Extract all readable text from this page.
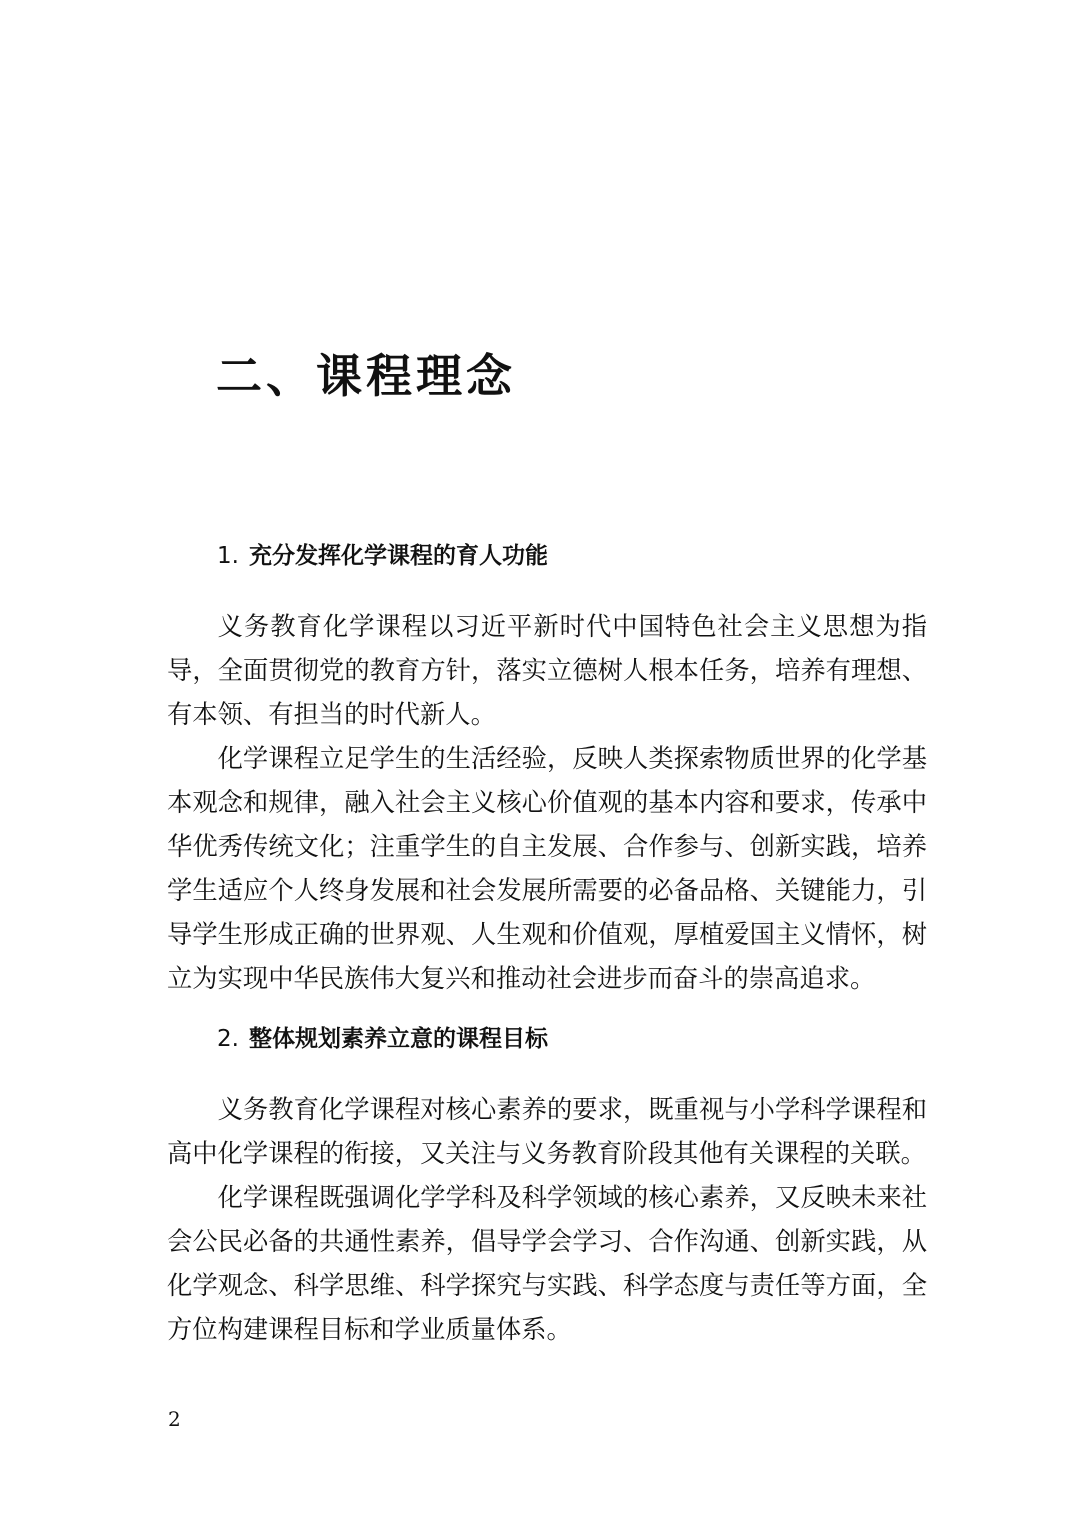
二、课程理念
1. 充分发挥化学课程的育人功能

义务教育化学课程以习近平新时代中国特色社会主义思想为指导，全面贯彻党的教育方针，落实立德树人根本任务，培养有理想、有本领、有担当的时代新人。

化学课程立足学生的生活经验，反映人类探索物质世界的化学基本观念和规律，融入社会主义核心价值观的基本内容和要求，传承中华优秀传统文化；注重学生的自主发展、合作参与、创新实践，培养学生适应个人终身发展和社会发展所需要的必备品格、关键能力，引导学生形成正确的世界观、人生观和价值观，厚植爱国主义情怀，树立为实现中华民族伟大复兴和推动社会进步而奋斗的崇高追求。

2. 整体规划素养立意的课程目标

义务教育化学课程对核心素养的要求，既重视与小学科学课程和高中化学课程的衔接，又关注与义务教育阶段其他有关课程的关联。

化学课程既强调化学学科及科学领域的核心素养，又反映未来社会公民必备的共通性素养，倡导学会学习、合作沟通、创新实践，从化学观念、科学思维、科学探究与实践、科学态度与责任等方面，全方位构建课程目标和学业质量体系。

2
